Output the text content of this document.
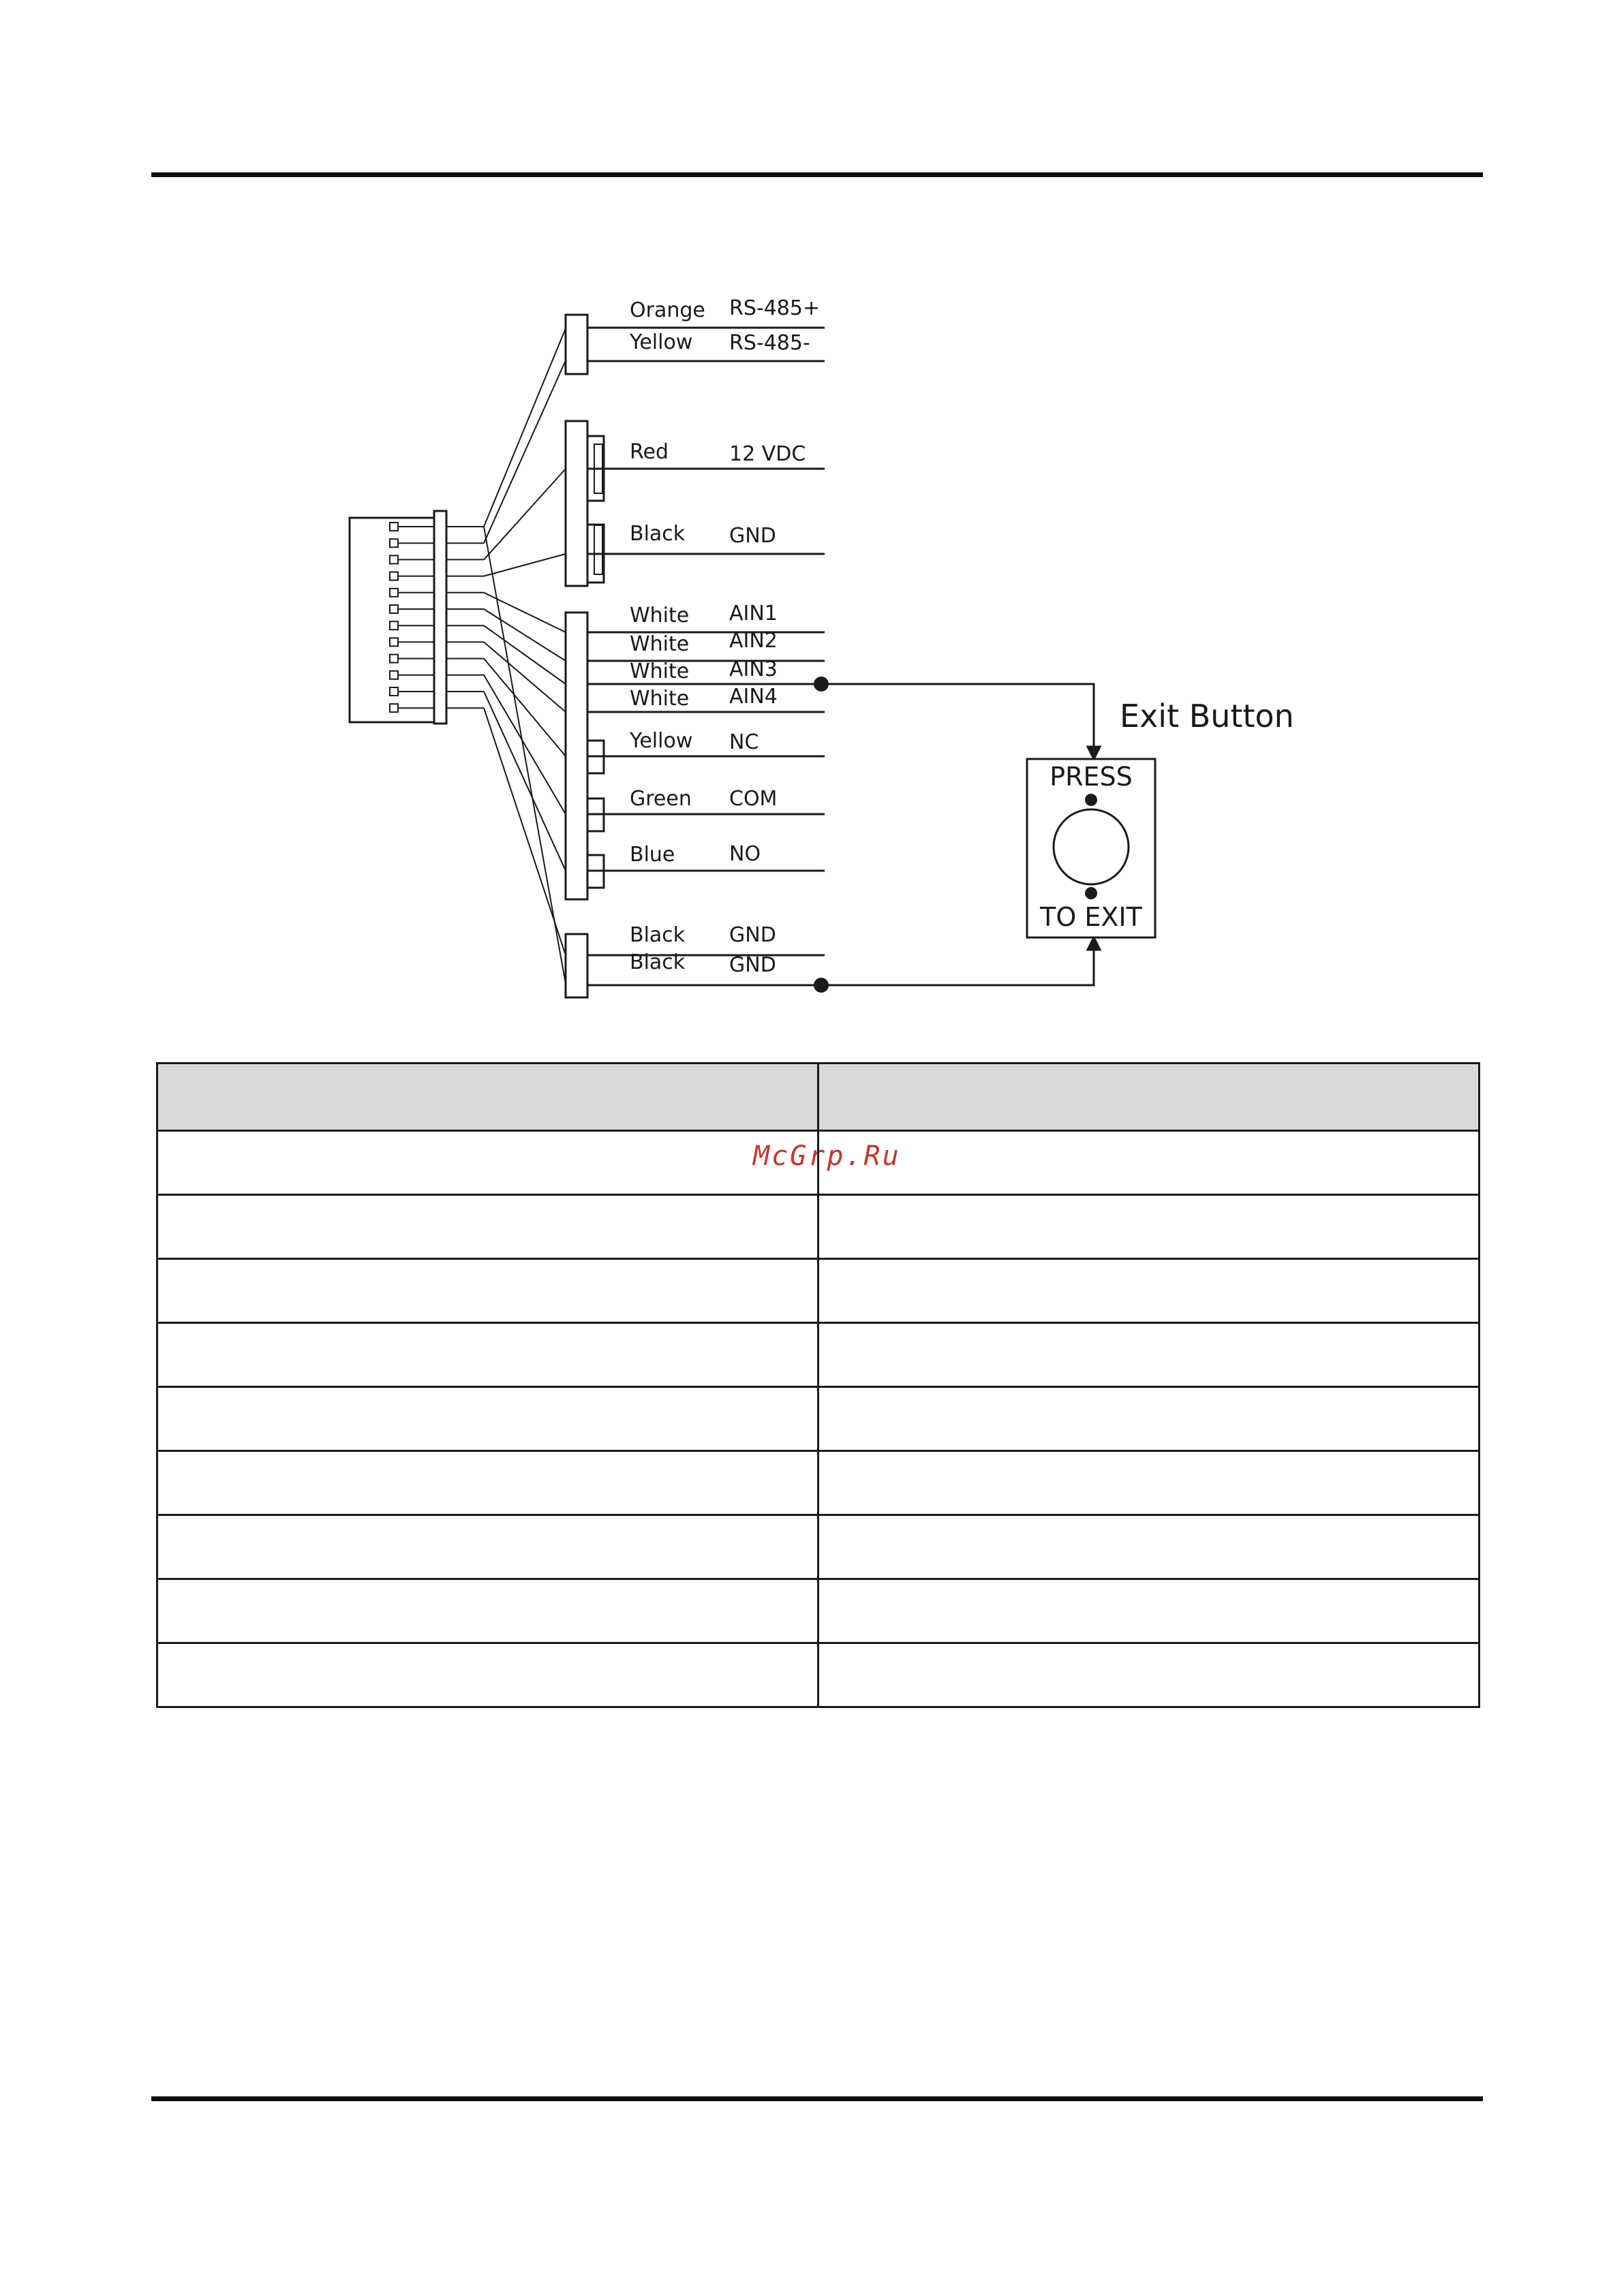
Orange RS-485+
Yellow RS-485-
Red	12 VDC
Black GND
White AIN1
White AIN2
White AIN3
White AIN4
Yellow NC
Green COM
Blue	NO
Black GND
Black GND
PRESS
TO EXIT
Exit Button
McGrp.Ru
